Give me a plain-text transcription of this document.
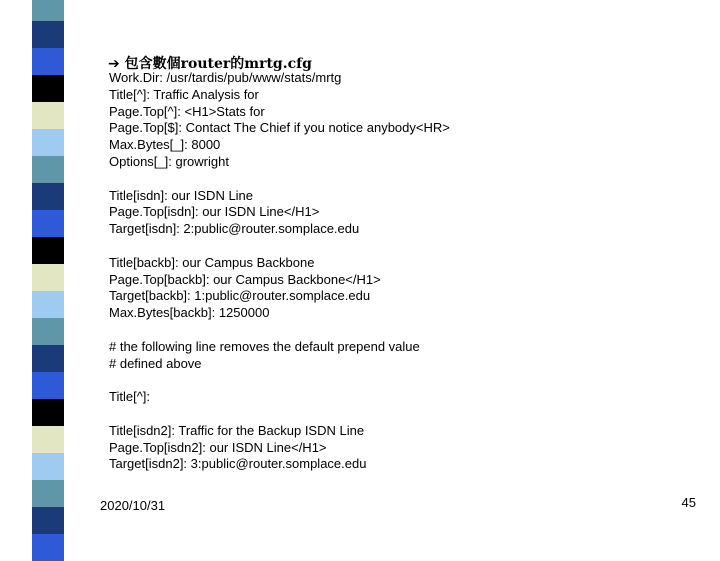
➔ 包含數個router的mrtg.cfg
Work.Dir: /usr/tardis/pub/www/stats/mrtg
Title[^]: Traffic Analysis for
Page.Top[^]: <H1>Stats for
Page.Top[$]: Contact The Chief if you notice anybody<HR>
Max.Bytes[_]: 8000
Options[_]: growright
Title[isdn]: our ISDN Line
Page.Top[isdn]: our ISDN Line</H1>
Target[isdn]: 2:public@router.somplace.edu
Title[backb]: our Campus Backbone
Page.Top[backb]: our Campus Backbone</H1>
Target[backb]: 1:public@router.somplace.edu
Max.Bytes[backb]: 1250000
# the following line removes the default prepend value
# defined above
Title[^]:
Title[isdn2]: Traffic for the Backup ISDN Line
Page.Top[isdn2]: our ISDN Line</H1>
Target[isdn2]: 3:public@router.somplace.edu
2020/10/31	45
